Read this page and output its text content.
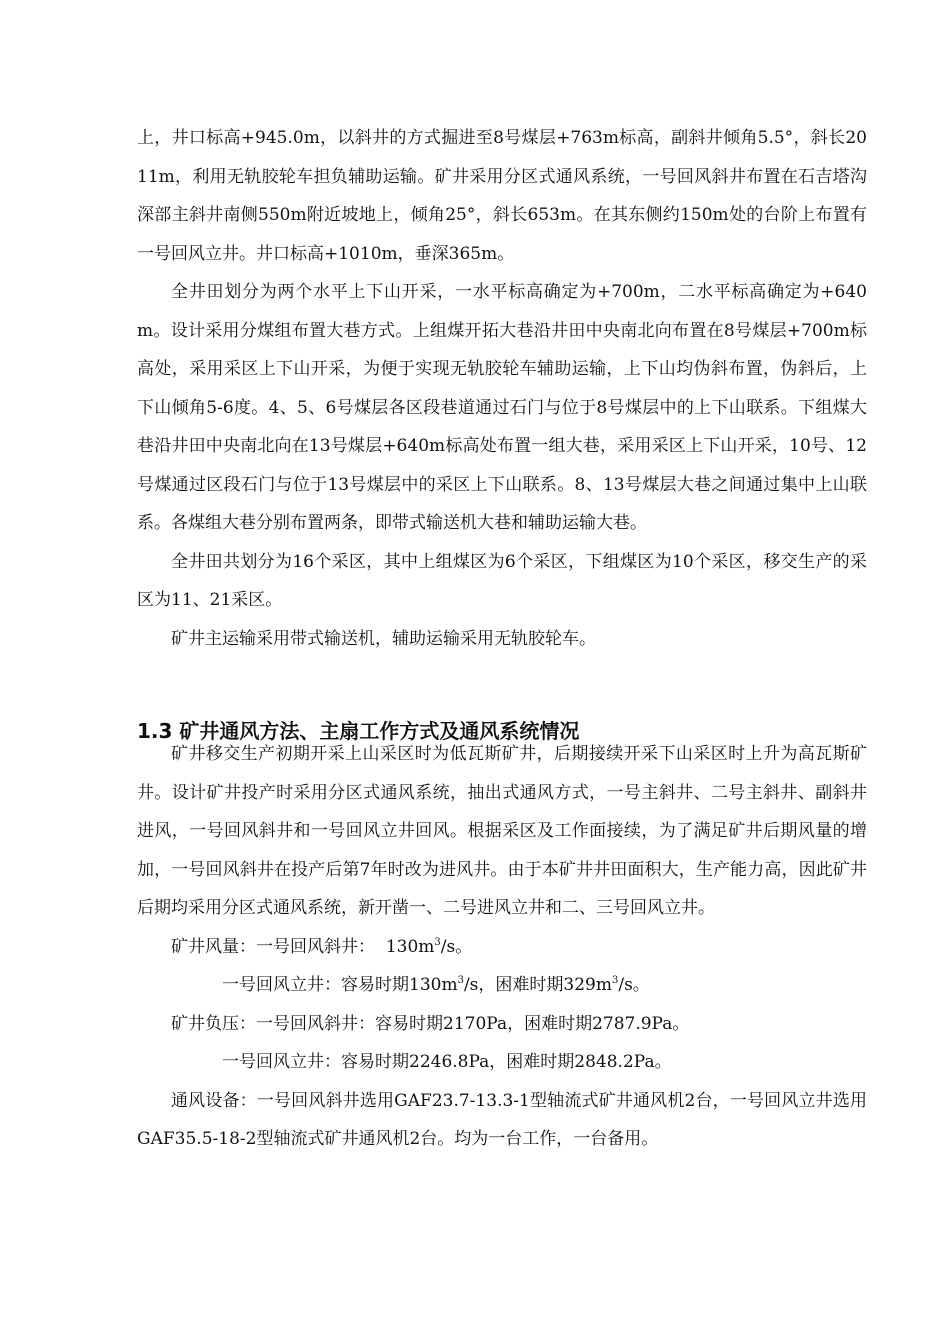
上，井口标高+945.0m，以斜井的方式掘进至8号煤层+763m标高，副斜井倾角5.5°，斜长2011m，利用无轨胶轮车担负辅助运输。矿井采用分区式通风系统，一号回风斜井布置在石吉塔沟深部主斜井南侧550m附近坡地上，倾角25°，斜长653m。在其东侧约150m处的台阶上布置有一号回风立井。井口标高+1010m，垂深365m。

全井田划分为两个水平上下山开采，一水平标高确定为+700m，二水平标高确定为+640m。设计采用分煤组布置大巷方式。上组煤开拓大巷沿井田中央南北向布置在8号煤层+700m标高处，采用采区上下山开采，为便于实现无轨胶轮车辅助运输，上下山均伪斜布置，伪斜后，上下山倾角5-6度。4、5、6号煤层各区段巷道通过石门与位于8号煤层中的上下山联系。下组煤大巷沿井田中央南北向在13号煤层+640m标高处布置一组大巷，采用采区上下山开采，10号、12号煤通过区段石门与位于13号煤层中的采区上下山联系。8、13号煤层大巷之间通过集中上山联系。各煤组大巷分别布置两条，即带式输送机大巷和辅助运输大巷。

全井田共划分为16个采区，其中上组煤区为6个采区，下组煤区为10个采区，移交生产的采区为11、21采区。

矿井主运输采用带式输送机，辅助运输采用无轨胶轮车。

1.3 矿井通风方法、主扇工作方式及通风系统情况

矿井移交生产初期开采上山采区时为低瓦斯矿井，后期接续开采下山采区时上升为高瓦斯矿井。设计矿井投产时采用分区式通风系统，抽出式通风方式，一号主斜井、二号主斜井、副斜井进风，一号回风斜井和一号回风立井回风。根据采区及工作面接续，为了满足矿井后期风量的增加，一号回风斜井在投产后第7年时改为进风井。由于本矿井井田面积大，生产能力高，因此矿井后期均采用分区式通风系统，新开凿一、二号进风立井和二、三号回风立井。

矿井风量：一号回风斜井： $130m^3/s$。
一号回风立井：容易时期$130m^3/s$，困难时期$329m^3/s$。
矿井负压：一号回风斜井：容易时期2170Pa，困难时期2787.9Pa。
一号回风立井：容易时期2246.8Pa，困难时期2848.2Pa。

通风设备：一号回风斜井选用GAF23.7-13.3-1型轴流式矿井通风机2台，一号回风立井选用GAF35.5-18-2型轴流式矿井通风机2台。均为一台工作，一台备用。
